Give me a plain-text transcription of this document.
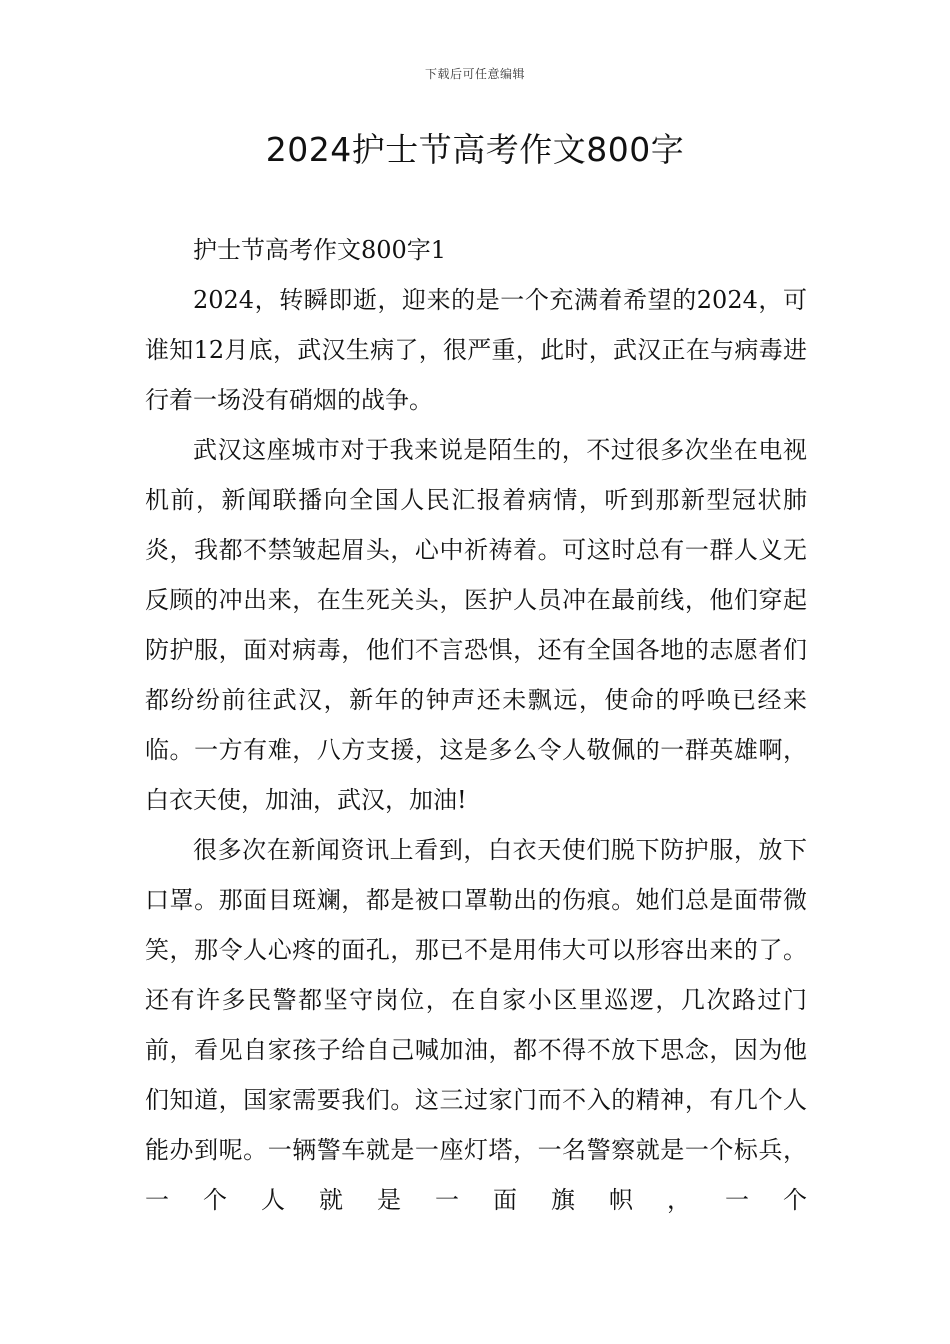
下载后可任意编辑
2024护士节高考作文800字

护士节高考作文800字1

2024，转瞬即逝，迎来的是一个充满着希望的2024，可谁知12月底，武汉生病了，很严重，此时，武汉正在与病毒进行着一场没有硝烟的战争。

武汉这座城市对于我来说是陌生的，不过很多次坐在电视机前，新闻联播向全国人民汇报着病情，听到那新型冠状肺炎，我都不禁皱起眉头，心中祈祷着。可这时总有一群人义无反顾的冲出来，在生死关头，医护人员冲在最前线，他们穿起防护服，面对病毒，他们不言恐惧，还有全国各地的志愿者们都纷纷前往武汉，新年的钟声还未飘远，使命的呼唤已经来临。一方有难，八方支援，这是多么令人敬佩的一群英雄啊，白衣天使，加油，武汉，加油!

很多次在新闻资讯上看到，白衣天使们脱下防护服，放下口罩。那面目斑斓，都是被口罩勒出的伤痕。她们总是面带微笑，那令人心疼的面孔，那已不是用伟大可以形容出来的了。还有许多民警都坚守岗位，在自家小区里巡逻，几次路过门前，看见自家孩子给自己喊加油，都不得不放下思念，因为他们知道，国家需要我们。这三过家门而不入的精神，有几个人能办到呢。一辆警车就是一座灯塔，一名警察就是一个标兵，一个人就是一面旗帜，一个
